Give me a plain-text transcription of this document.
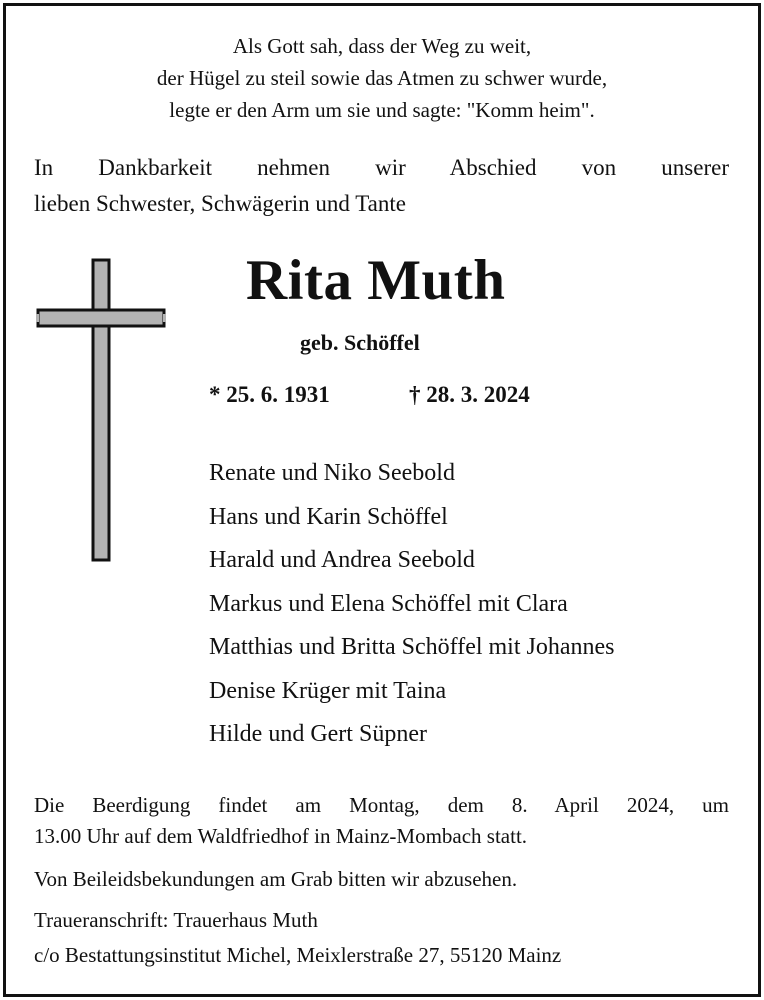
Als Gott sah, dass der Weg zu weit,
der Hügel zu steil sowie das Atmen zu schwer wurde,
legte er den Arm um sie und sagte: "Komm heim".
In Dankbarkeit nehmen wir Abschied von unserer
lieben Schwester, Schwägerin und Tante
Rita Muth
geb. Schöffel
* 25. 6. 1931	† 28. 3. 2024
Renate und Niko Seebold
Hans und Karin Schöffel
Harald und Andrea Seebold
Markus und Elena Schöffel mit Clara
Matthias und Britta Schöffel mit Johannes
Denise Krüger mit Taina
Hilde und Gert Süpner
Die Beerdigung findet am Montag, dem 8. April 2024, um
13.00 Uhr auf dem Waldfriedhof in Mainz-Mombach statt.
Von Beileidsbekundungen am Grab bitten wir abzusehen.
Traueranschrift: Trauerhaus Muth
c/o Bestattungsinstitut Michel, Meixlerstraße 27, 55120 Mainz
